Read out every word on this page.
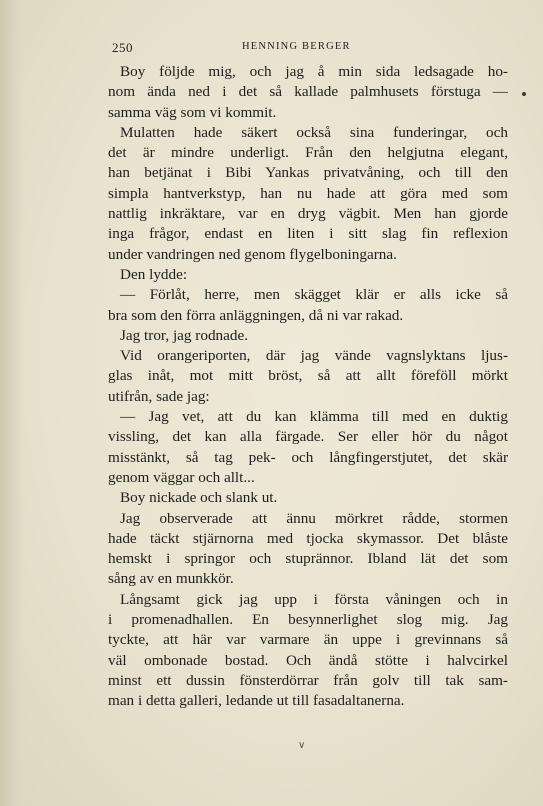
250	HENNING BERGER
Boy följde mig, och jag å min sida ledsagade ho-
nom ända ned i det så kallade palmhusets förstuga —
samma väg som vi kommit.
Mulatten hade säkert också sina funderingar, och
det är mindre underligt. Från den helgjutna elegant,
han betjänat i Bibi Yankas privatvåning, och till den
simpla hantverkstyp, han nu hade att göra med som
nattlig inkräktare, var en dryg vägbit. Men han gjorde
inga frågor, endast en liten i sitt slag fin reflexion
under vandringen ned genom flygelboningarna.
Den lydde:
— Förlåt, herre, men skägget klär er alls icke så
bra som den förra anläggningen, då ni var rakad.
Jag tror, jag rodnade.
Vid orangeriporten, där jag vände vagnslyktans ljus-
glas inåt, mot mitt bröst, så att allt föreföll mörkt
utifrån, sade jag:
— Jag vet, att du kan klämma till med en duktig
vissling, det kan alla färgade. Ser eller hör du något
misstänkt, så tag pek- och långfingerstjutet, det skär
genom väggar och allt...
Boy nickade och slank ut.
Jag observerade att ännu mörkret rådde, stormen
hade täckt stjärnorna med tjocka skymassor. Det blåste
hemskt i springor och stuprännor. Ibland lät det som
sång av en munkkör.
Långsamt gick jag upp i första våningen och in
i promenadhallen. En besynnerlighet slog mig. Jag
tyckte, att här var varmare än uppe i grevinnans så
väl ombonade bostad. Och ändå stötte i halvcirkel
minst ett dussin fönsterdörrar från golv till tak sam-
man i detta galleri, ledande ut till fasadaltanerna.
∨
